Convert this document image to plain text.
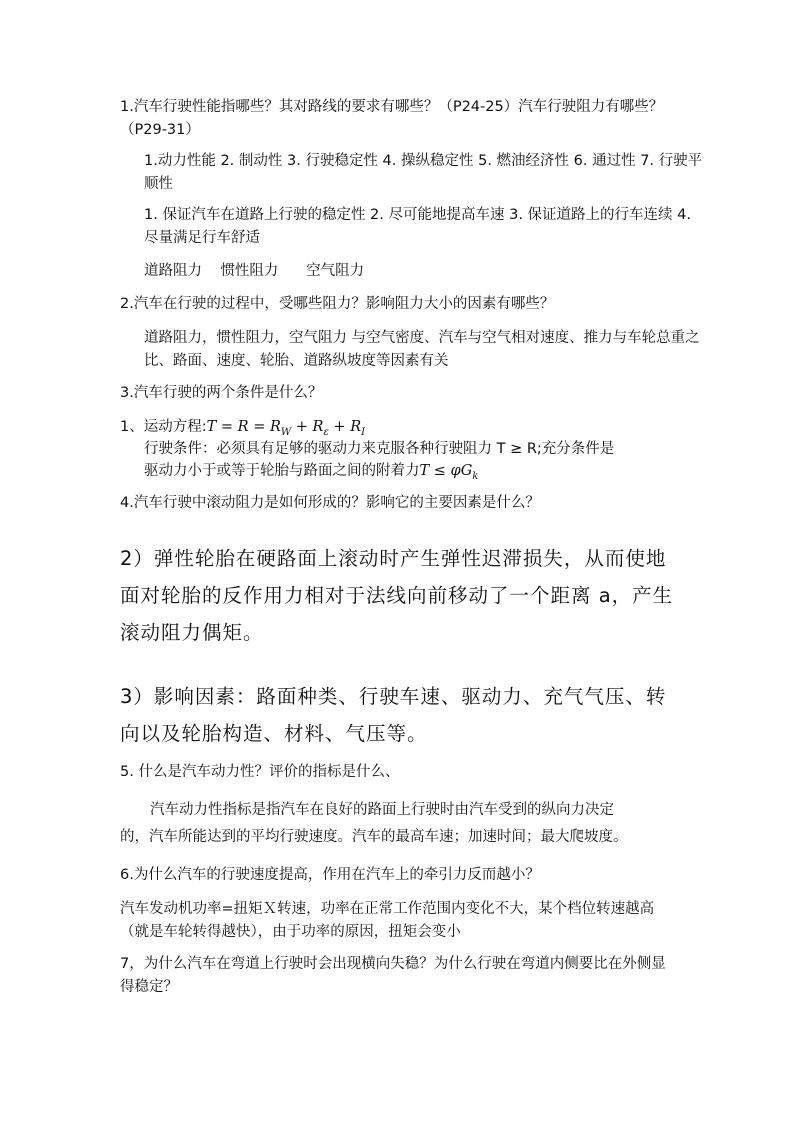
1.汽车行驶性能指哪些？其对路线的要求有哪些？（P24-25）汽车行驶阻力有哪些？（P29-31）

1.动力性能 2. 制动性 3. 行驶稳定性 4. 操纵稳定性 5. 燃油经济性 6. 通过性 7. 行驶平顺性

1. 保证汽车在道路上行驶的稳定性 2. 尽可能地提高车速 3. 保证道路上的行车连续 4. 尽量满足行车舒适

道路阻力 惯性阻力 空气阻力

2.汽车在行驶的过程中，受哪些阻力？影响阻力大小的因素有哪些？

道路阻力，惯性阻力，空气阻力 与空气密度、汽车与空气相对速度、推力与车轮总重之比、路面、速度、轮胎、道路纵坡度等因素有关

3.汽车行驶的两个条件是什么？

1、运动方程:T = $R = R_W + R_\varepsilon + R_I$

行驶条件：必须具有足够的驱动力来克服各种行驶阻力 T ≥ R;充分条件是

驱动力小于或等于轮胎与路面之间的附着力$T \le \varphi G_k$

4.汽车行驶中滚动阻力是如何形成的？影响它的主要因素是什么？

2）弹性轮胎在硬路面上滚动时产生弹性迟滞损失，从而使地面对轮胎的反作用力相对于法线向前移动了一个距离 a，产生滚动阻力偶矩。

3）影响因素：路面种类、行驶车速、驱动力、充气气压、转向以及轮胎构造、材料、气压等。

5. 什么是汽车动力性？评价的指标是什么、

汽车动力性指标是指汽车在良好的路面上行驶时由汽车受到的纵向力决定

的，汽车所能达到的平均行驶速度。汽车的最高车速；加速时间；最大爬坡度。

6.为什么汽车的行驶速度提高，作用在汽车上的牵引力反而越小？

汽车发动机功率=扭矩Ｘ转速，功率在正常工作范围内变化不大，某个档位转速越高（就是车轮转得越快），由于功率的原因，扭矩会变小

7，为什么汽车在弯道上行驶时会出现横向失稳？为什么行驶在弯道内侧要比在外侧显得稳定？
